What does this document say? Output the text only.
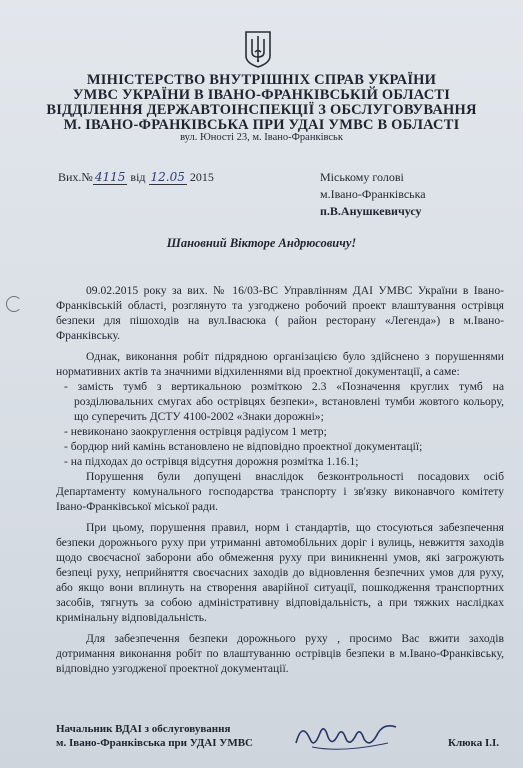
МІНІСТЕРСТВО ВНУТРІШНІХ СПРАВ УКРАЇНИ
УМВС УКРАЇНИ В ІВАНО-ФРАНКІВСЬКІЙ ОБЛАСТІ
ВІДДІЛЕННЯ ДЕРЖАВТОІНСПЕКЦІЇ З ОБСЛУГОВУВАННЯ
М. ІВАНО-ФРАНКІВСЬКА ПРИ УДАІ УМВС В ОБЛАСТІ
вул. Юності 23, м. Івано-Франківськ
Вих.№ 4115 від 12.05 2015	Міському голові
м.Івано-Франківська
п.В.Анушкевичусу
Шановний Вікторе Андрюсовичу!

09.02.2015 року за вих. № 16/03-ВС Управлінням ДАІ УМВС України в Івано-Франківській області, розглянуто та узгоджено робочий проект влаштування острівця безпеки для пішоходів на вул.Івасюка ( район ресторану «Легенда») в м.Івано-Франківську.

Однак, виконання робіт підрядною організацією було здійснено з порушеннями нормативних актів та значними відхиленнями від проектної документації, а саме:

- замість тумб з вертикальною розміткою 2.3 «Позначення круглих тумб на розділювальних смугах або острівцях безпеки», встановлені тумби жовтого кольору, що суперечить ДСТУ 4100-2002 «Знаки дорожні»;

- невиконано заокруглення острівця радіусом 1 метр;

- бордюр ний камінь встановлено не відповідно проектної документації;

- на підходах до острівця відсутня дорожня розмітка 1.16.1;

Порушення були допущені внаслідок безконтрольності посадових осіб Департаменту комунального господарства транспорту і зв'язку виконавчого комітету Івано-Франківської міської ради.

При цьому, порушення правил, норм і стандартів, що стосуються забезпечення безпеки дорожнього руху при утриманні автомобільних доріг і вулиць, невжиття заходів щодо своєчасної заборони або обмеження руху при виникненні умов, які загрожують безпеці руху, неприйняття своєчасних заходів до відновлення безпечних умов для руху, або якщо вони вплинуть на створення аварійної ситуації, пошкодження транспортних засобів, тягнуть за собою адміністративну відповідальність, а при тяжких наслідках кримінальну відповідальність.

Для забезпечення безпеки дорожнього руху , просимо Вас вжити заходів дотримання виконання робіт по влаштуванню острівців безпеки в м.Івано-Франківську, відповідно узгодженої проектної документації.

Начальник ВДАІ з обслуговування
м. Івано-Франківська при УДАІ УМВС	Клюка І.І.
